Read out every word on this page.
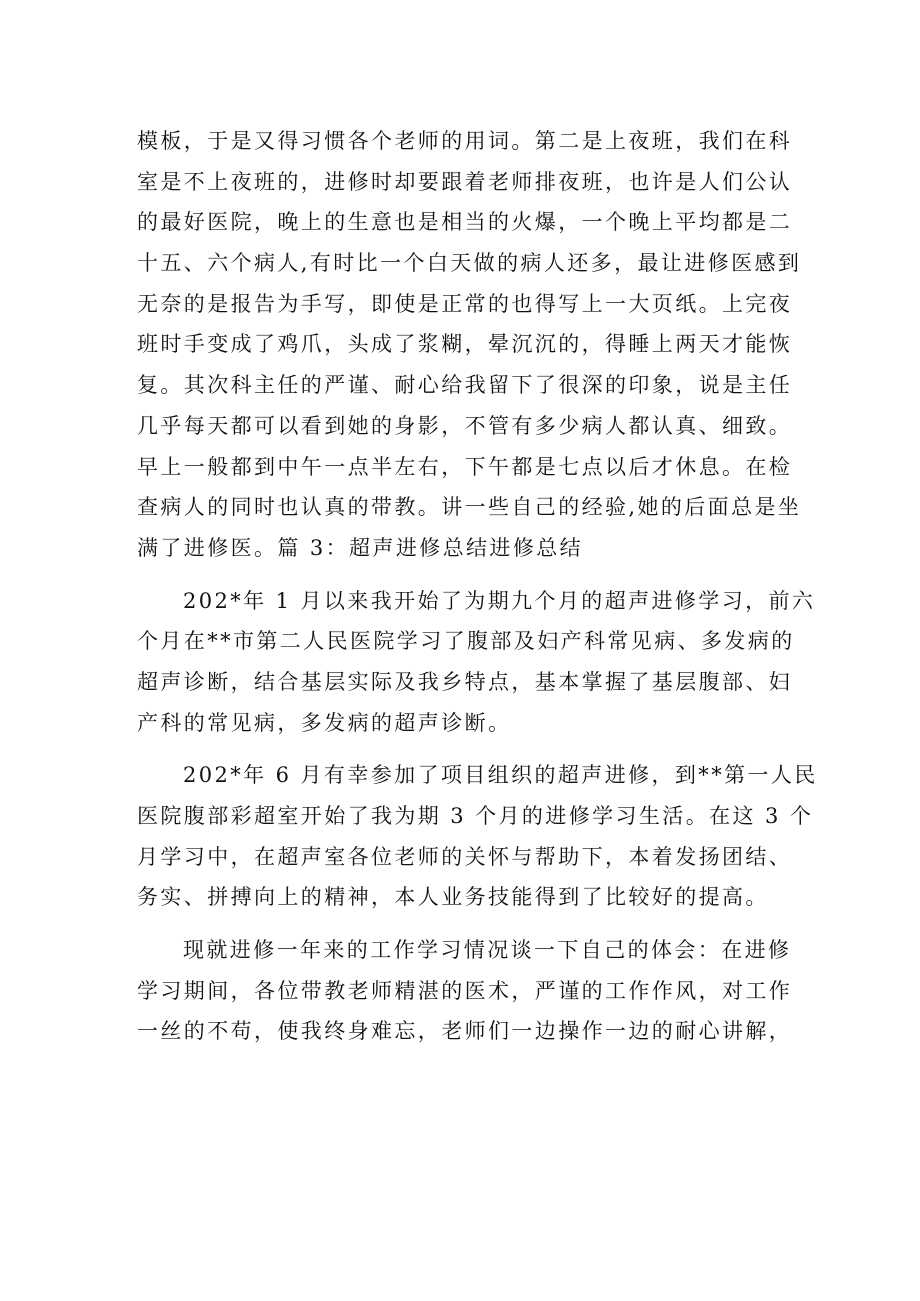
模板，于是又得习惯各个老师的用词。第二是上夜班，我们在科
室是不上夜班的，进修时却要跟着老师排夜班，也许是人们公认
的最好医院，晚上的生意也是相当的火爆，一个晚上平均都是二
十五、六个病人,有时比一个白天做的病人还多，最让进修医感到
无奈的是报告为手写，即使是正常的也得写上一大页纸。上完夜
班时手变成了鸡爪，头成了浆糊，晕沉沉的，得睡上两天才能恢
复。其次科主任的严谨、耐心给我留下了很深的印象，说是主任
几乎每天都可以看到她的身影，不管有多少病人都认真、细致。
早上一般都到中午一点半左右，下午都是七点以后才休息。在检
查病人的同时也认真的带教。讲一些自己的经验,她的后面总是坐
满了进修医。篇 3：超声进修总结进修总结
202*年 1 月以来我开始了为期九个月的超声进修学习，前六
个月在**市第二人民医院学习了腹部及妇产科常见病、多发病的
超声诊断，结合基层实际及我乡特点，基本掌握了基层腹部、妇
产科的常见病，多发病的超声诊断。
202*年 6 月有幸参加了项目组织的超声进修，到**第一人民
医院腹部彩超室开始了我为期 3 个月的进修学习生活。在这 3 个
月学习中，在超声室各位老师的关怀与帮助下，本着发扬团结、
务实、拼搏向上的精神，本人业务技能得到了比较好的提高。
现就进修一年来的工作学习情况谈一下自己的体会：在进修
学习期间，各位带教老师精湛的医术，严谨的工作作风，对工作
一丝的不苟，使我终身难忘，老师们一边操作一边的耐心讲解，
